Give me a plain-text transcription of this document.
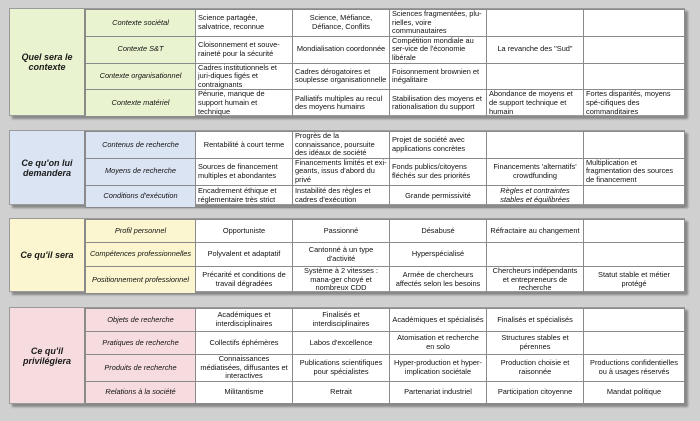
Quel sera le contexte
Contexte sociétal	Science partagée, salvatrice, reconnue	Science, Méfiance, Défiance, Conflits	Sciences fragmentées, plu-rielles, voire communautaires		
Contexte S&T	Cloisonnement et souve-raineté pour la sécurité	Mondialisation coordonnée	Compétition mondiale au ser-vice de l'économie libérale	La revanche des "Sud"	
Contexte organisationnel	Cadres institutionnels et juri-diques figés et contraignants	Cadres dérogatoires et souplesse organisationnelle	Foisonnement brownien et inégalitaire		
Contexte matériel	Pénurie, manque de support humain et technique	Palliatifs multiples au recul des moyens humains	Stabilisation des moyens et rationalisation du support	Abondance de moyens et de support technique et humain	Fortes disparités, moyens spé-cifiques des commanditaires
Ce qu'on lui demandera
Contenus de recherche	Rentabilité à court terme	Progrès de la connaissance, poursuite des idéaux de société	Projet de société avec applications concrètes		
Moyens de recherche	Sources de financement multiples et abondantes	Financements limités et exi-geants, issus d'abord du privé	Fonds publics/citoyens fléchés sur des priorités	Financements 'alternatifs' crowdfunding	Multiplication et fragmentation des sources de financement
Conditions d'exécution	Encadrement éthique et réglementaire très strict	Instabilité des règles et cadres d'exécution	Grande permissivité	Règles et contraintes stables et équilibrées	
Ce qu'il sera
Profil personnel	Opportuniste	Passionné	Désabusé	Réfractaire au changement	
Compétences professionnelles	Polyvalent et adaptatif	Cantonné à un type d'activité	Hyperspécialisé		
Positionnement professionnel	Précarité et conditions de travail dégradées	Système à 2 vitesses : mana-ger choyé et nombreux CDD	Armée de chercheurs affectés selon les besoins	Chercheurs indépendants et entrepreneurs de recherche	Statut stable et métier protégé
Ce qu'il privilégiera
Objets de recherche	Académiques et interdisciplinaires	Finalisés et interdisciplinaires	Académiques et spécialisés	Finalisés et spécialisés	
Pratiques de recherche	Collectifs éphémères	Labos d'excellence	Atomisation et recherche en solo	Structures stables et pérennes	
Produits de recherche	Connaissances médiatisées, diffusantes et interactives	Publications scientifiques pour spécialistes	Hyper-production et hyper-implication sociétale	Production choisie et raisonnée	Productions confidentielles ou à usages réservés
Relations à la société	Militantisme	Retrait	Partenariat industriel	Participation citoyenne	Mandat politique
